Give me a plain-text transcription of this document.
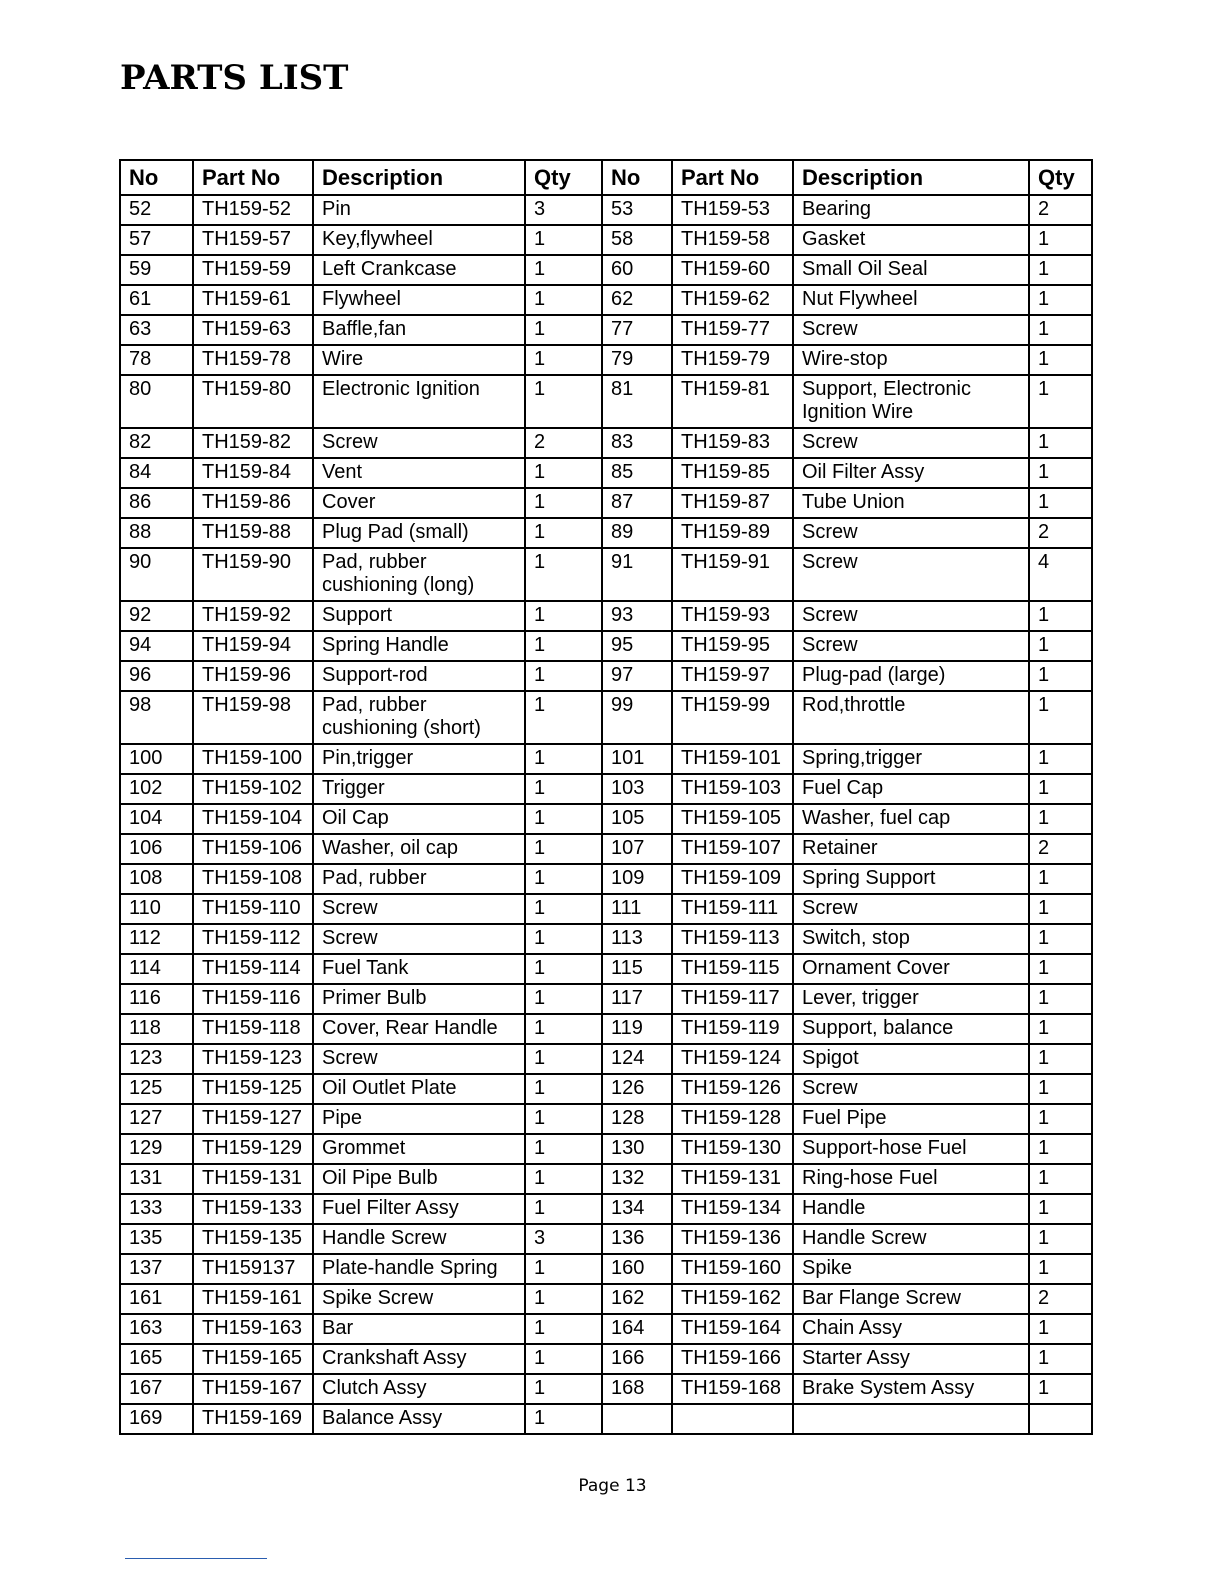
PARTS LIST
No	Part No	Description	Qty	No	Part No	Description	Qty
52	TH159-52	Pin	3	53	TH159-53	Bearing	2
57	TH159-57	Key,flywheel	1	58	TH159-58	Gasket	1
59	TH159-59	Left Crankcase	1	60	TH159-60	Small Oil Seal	1
61	TH159-61	Flywheel	1	62	TH159-62	Nut Flywheel	1
63	TH159-63	Baffle,fan	1	77	TH159-77	Screw	1
78	TH159-78	Wire	1	79	TH159-79	Wire-stop	1
80	TH159-80	Electronic Ignition	1	81	TH159-81	Support, Electronic Ignition Wire	1
82	TH159-82	Screw	2	83	TH159-83	Screw	1
84	TH159-84	Vent	1	85	TH159-85	Oil Filter Assy	1
86	TH159-86	Cover	1	87	TH159-87	Tube Union	1
88	TH159-88	Plug Pad (small)	1	89	TH159-89	Screw	2
90	TH159-90	Pad, rubber cushioning (long)	1	91	TH159-91	Screw	4
92	TH159-92	Support	1	93	TH159-93	Screw	1
94	TH159-94	Spring Handle	1	95	TH159-95	Screw	1
96	TH159-96	Support-rod	1	97	TH159-97	Plug-pad (large)	1
98	TH159-98	Pad, rubber cushioning (short)	1	99	TH159-99	Rod,throttle	1
100	TH159-100	Pin,trigger	1	101	TH159-101	Spring,trigger	1
102	TH159-102	Trigger	1	103	TH159-103	Fuel Cap	1
104	TH159-104	Oil Cap	1	105	TH159-105	Washer, fuel cap	1
106	TH159-106	Washer, oil cap	1	107	TH159-107	Retainer	2
108	TH159-108	Pad, rubber	1	109	TH159-109	Spring Support	1
110	TH159-110	Screw	1	111	TH159-111	Screw	1
112	TH159-112	Screw	1	113	TH159-113	Switch, stop	1
114	TH159-114	Fuel Tank	1	115	TH159-115	Ornament Cover	1
116	TH159-116	Primer Bulb	1	117	TH159-117	Lever, trigger	1
118	TH159-118	Cover, Rear Handle	1	119	TH159-119	Support, balance	1
123	TH159-123	Screw	1	124	TH159-124	Spigot	1
125	TH159-125	Oil Outlet Plate	1	126	TH159-126	Screw	1
127	TH159-127	Pipe	1	128	TH159-128	Fuel Pipe	1
129	TH159-129	Grommet	1	130	TH159-130	Support-hose Fuel	1
131	TH159-131	Oil Pipe Bulb	1	132	TH159-131	Ring-hose Fuel	1
133	TH159-133	Fuel Filter Assy	1	134	TH159-134	Handle	1
135	TH159-135	Handle Screw	3	136	TH159-136	Handle Screw	1
137	TH159137	Plate-handle Spring	1	160	TH159-160	Spike	1
161	TH159-161	Spike Screw	1	162	TH159-162	Bar Flange Screw	2
163	TH159-163	Bar	1	164	TH159-164	Chain Assy	1
165	TH159-165	Crankshaft Assy	1	166	TH159-166	Starter Assy	1
167	TH159-167	Clutch Assy	1	168	TH159-168	Brake System Assy	1
169	TH159-169	Balance Assy	1				
Page 13
